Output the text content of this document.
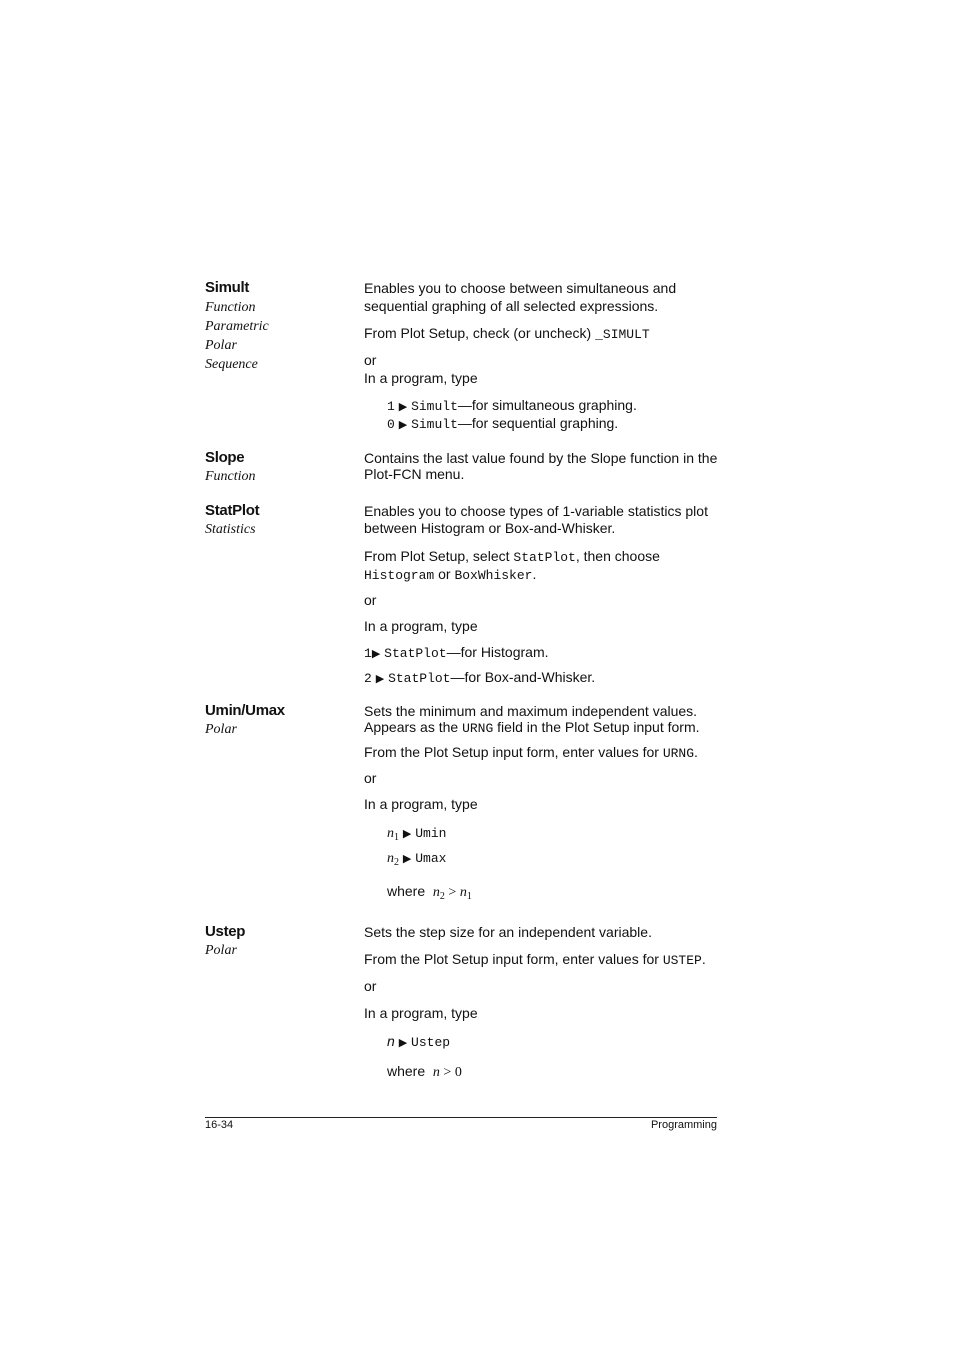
Simult
Function
Parametric
Polar
Sequence
Enables you to choose between simultaneous and
sequential graphing of all selected expressions.
From Plot Setup, check (or uncheck) _SIMULT
or
In a program, type
1 ▶ Simult—for simultaneous graphing.
0 ▶ Simult—for sequential graphing.
Slope
Function
Contains the last value found by the Slope function in the
Plot-FCN menu.
StatPlot
Statistics
Enables you to choose types of 1-variable statistics plot
between Histogram or Box-and-Whisker.
From Plot Setup, select StatPlot, then choose
Histogram or BoxWhisker.
or
In a program, type
1▶ StatPlot—for Histogram.
2 ▶ StatPlot—for Box-and-Whisker.
Umin/Umax
Polar
Sets the minimum and maximum independent values.
Appears as the URNG field in the Plot Setup input form.
From the Plot Setup input form, enter values for URNG.
or
In a program, type
$n_1$ ▶ Umin
$n_2$ ▶ Umax
where $n_2 > n_1$
Ustep
Polar
Sets the step size for an independent variable.
From the Plot Setup input form, enter values for USTEP.
or
In a program, type
n ▶ Ustep
where n > 0
16-34	Programming
